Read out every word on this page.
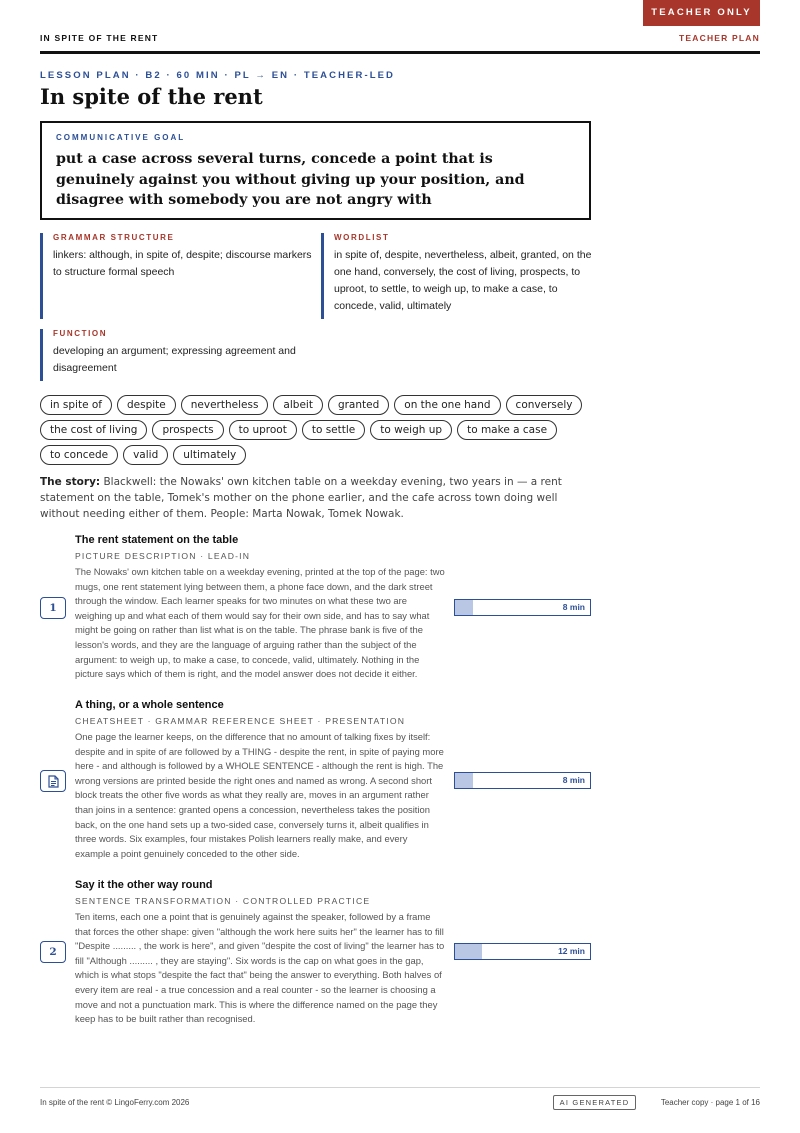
TEACHER ONLY
IN SPITE OF THE RENT	TEACHER PLAN
LESSON PLAN · B2 · 60 MIN · PL → EN · TEACHER-LED
In spite of the rent
COMMUNICATIVE GOAL
put a case across several turns, concede a point that is genuinely against you without giving up your position, and disagree with somebody you are not angry with
GRAMMAR STRUCTURE
linkers: although, in spite of, despite; discourse markers to structure formal speech
WORDLIST
in spite of, despite, nevertheless, albeit, granted, on the one hand, conversely, the cost of living, prospects, to uproot, to settle, to weigh up, to make a case, to concede, valid, ultimately
FUNCTION
developing an argument; expressing agreement and disagreement
in spite of	despite	nevertheless	albeit	granted	on the one hand	conversely
the cost of living	prospects	to uproot	to settle	to weigh up	to make a case
to concede	valid	ultimately

The story: Blackwell: the Nowaks' own kitchen table on a weekday evening, two years in — a rent statement on the table, Tomek's mother on the phone earlier, and the cafe across town doing well without needing either of them. People: Marta Nowak, Tomek Nowak.

The rent statement on the table
PICTURE DESCRIPTION · LEAD-IN
The Nowaks' own kitchen table on a weekday evening, printed at the top of the page: two mugs, one rent statement lying between them, a phone face down, and the dark street through the window. Each learner speaks for two minutes on what these two are weighing up and what each of them would say for their own side, and has to say what might be going on rather than list what is on the table. The phrase bank is five of the lesson's words, and they are the language of arguing rather than the subject of the argument: to weigh up, to make a case, to concede, valid, ultimately. Nothing in the picture says which of them is right, and the model answer does not decide it either.
1	8 min
A thing, or a whole sentence
CHEATSHEET · GRAMMAR REFERENCE SHEET · PRESENTATION
One page the learner keeps, on the difference that no amount of talking fixes by itself: despite and in spite of are followed by a THING - despite the rent, in spite of paying more here - and although is followed by a WHOLE SENTENCE - although the rent is high. The wrong versions are printed beside the right ones and named as wrong. A second short block treats the other five words as what they really are, moves in an argument rather than joins in a sentence: granted opens a concession, nevertheless takes the position back, on the one hand sets up a two-sided case, conversely turns it, albeit qualifies in three words. Six examples, four mistakes Polish learners really make, and every example a point genuinely conceded to the other side.
8 min
Say it the other way round
SENTENCE TRANSFORMATION · CONTROLLED PRACTICE
Ten items, each one a point that is genuinely against the speaker, followed by a frame that forces the other shape: given "although the work here suits her" the learner has to fill "Despite ......... , the work is here", and given "despite the cost of living" the learner has to fill "Although ......... , they are staying". Six words is the cap on what goes in the gap, which is what stops "despite the fact that" being the answer to everything. Both halves of every item are real - a true concession and a real counter - so the learner is choosing a move and not a punctuation mark. This is where the difference named on the page they keep has to be built rather than recognised.
2	12 min
In spite of the rent © LingoFerry.com 2026	AI GENERATED	Teacher copy · page 1 of 16
